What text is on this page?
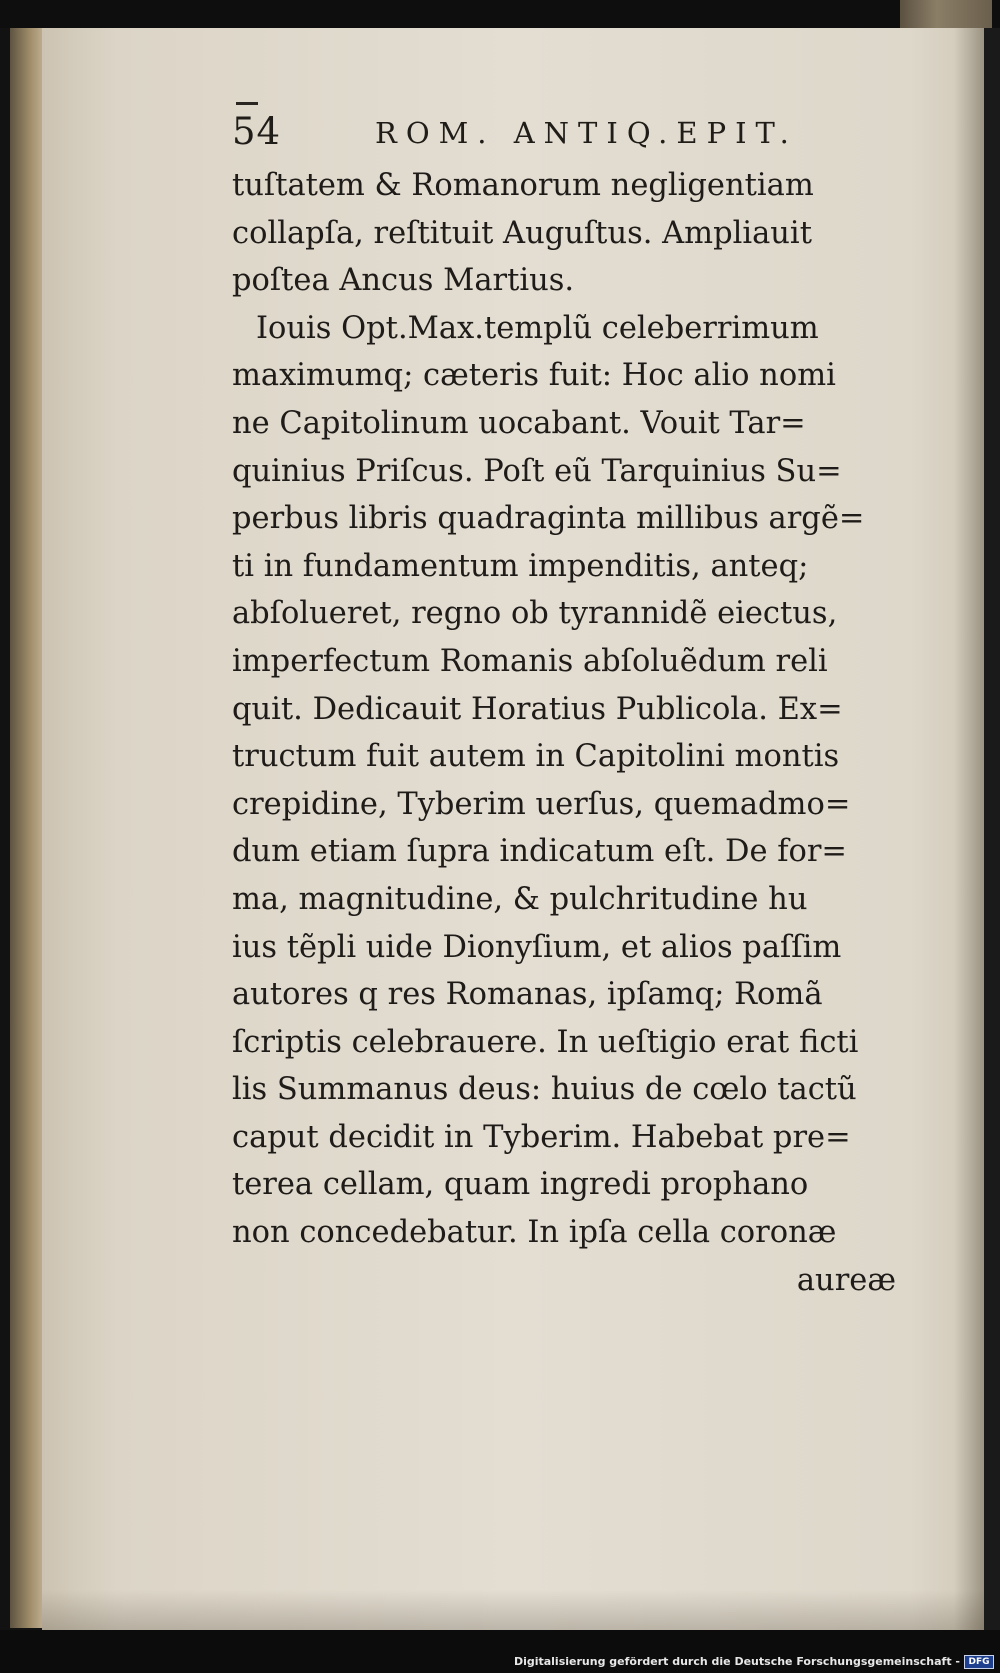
54	ROM. ANTIQ.EPIT.
tuſtatem & Romanorum negligentiam
collapſa, reſtituit Auguſtus. Ampliauit
poſtea Ancus Martius.
Iouis Opt.Max.templũ celeberrimum
maximumq; cæteris fuit: Hoc alio nomi
ne Capitolinum uocabant. Vouit Tar=
quinius Priſcus. Poſt eũ Tarquinius Su=
perbus libris quadraginta millibus argẽ=
ti in fundamentum impenditis, anteq;
abſolueret, regno ob tyrannidẽ eiectus,
imperfectum Romanis abſoluẽdum reli
quit. Dedicauit Horatius Publicola. Ex=
tructum fuit autem in Capitolini montis
crepidine, Tyberim uerſus, quemadmo=
dum etiam ſupra indicatum eſt. De for=
ma, magnitudine, & pulchritudine hu
ius tẽpli uide Dionyſium, et alios paſſim
autores q res Romanas, ipſamq; Romã
ſcriptis celebrauere. In ueſtigio erat ficti
lis Summanus deus: huius de cœlo tactũ
caput decidit in Tyberim. Habebat pre=
terea cellam, quam ingredi prophano
non concedebatur. In ipſa cella coronæ
aureæ
Digitalisierung gefördert durch die Deutsche Forschungsgemeinschaft - DFG
